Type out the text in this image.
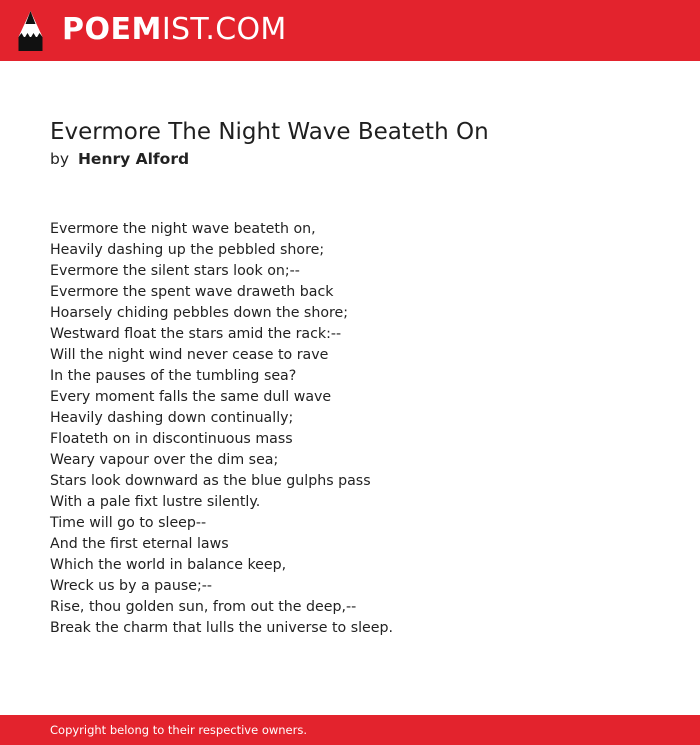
POEMIST.COM
Evermore The Night Wave Beateth On
by Henry Alford
Evermore the night wave beateth on,
Heavily dashing up the pebbled shore;
Evermore the silent stars look on;--
Evermore the spent wave draweth back
Hoarsely chiding pebbles down the shore;
Westward float the stars amid the rack:--
Will the night wind never cease to rave
In the pauses of the tumbling sea?
Every moment falls the same dull wave
Heavily dashing down continually;
Floateth on in discontinuous mass
Weary vapour over the dim sea;
Stars look downward as the blue gulphs pass
With a pale fixt lustre silently.
Time will go to sleep--
And the first eternal laws
Which the world in balance keep,
Wreck us by a pause;--
Rise, thou golden sun, from out the deep,--
Break the charm that lulls the universe to sleep.
Copyright belong to their respective owners.
